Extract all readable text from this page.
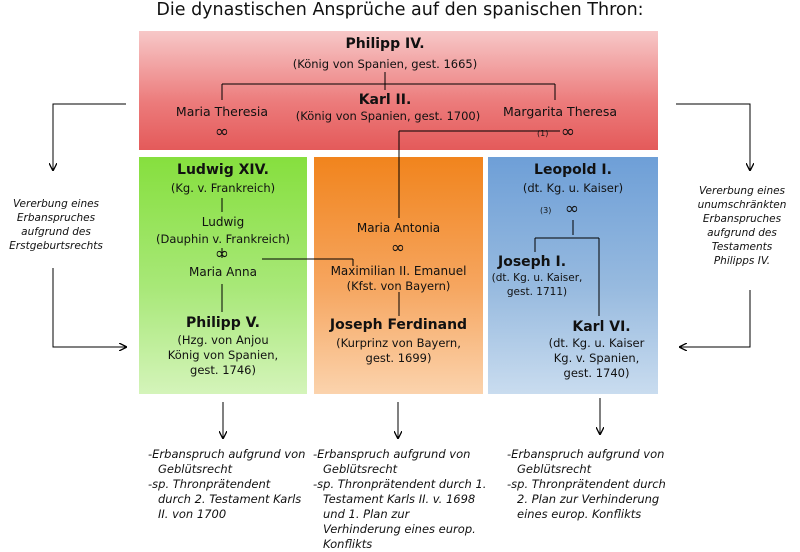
Die dynastischen Ansprüche auf den spanischen Thron:
Philipp IV.
(König von Spanien, gest. 1665)
Maria Theresia
∞
Karl II.
(König von Spanien, gest. 1700)	Margarita Theresa
(1) ∞
Ludwig XIV.
(Kg. v. Frankreich)
Ludwig
(Dauphin v. Frankreich)
∞
Maria Anna
Philipp V.
(Hzg. von Anjou
König von Spanien,
gest. 1746)
Maria Antonia
∞
Maximilian II. Emanuel
(Kfst. von Bayern)
Joseph Ferdinand
(Kurprinz von Bayern,
gest. 1699)
Leopold I.
(dt. Kg. u. Kaiser)
(3) ∞
Joseph I.
(dt. Kg. u. Kaiser,
gest. 1711)
Karl VI.
(dt. Kg. u. Kaiser
Kg. v. Spanien,
gest. 1740)
Vererbung eines
Erbanspruches
aufgrund des
Erstgeburtsrechts
Vererbung eines
unumschränkten
Erbanspruches
aufgrund des
Testaments
Philipps IV.
-Erbanspruch aufgrund von Geblütsrecht
-sp. Thronprätendent durch 2. Testament Karls II. von 1700
-Erbanspruch aufgrund von Geblütsrecht
-sp. Thronprätendent durch 1. Testament Karls II. v. 1698 und 1. Plan zur Verhinderung eines europ. Konflikts
-Erbanspruch aufgrund von Geblütsrecht
-sp. Thronprätendent durch 2. Plan zur Verhinderung eines europ. Konflikts
